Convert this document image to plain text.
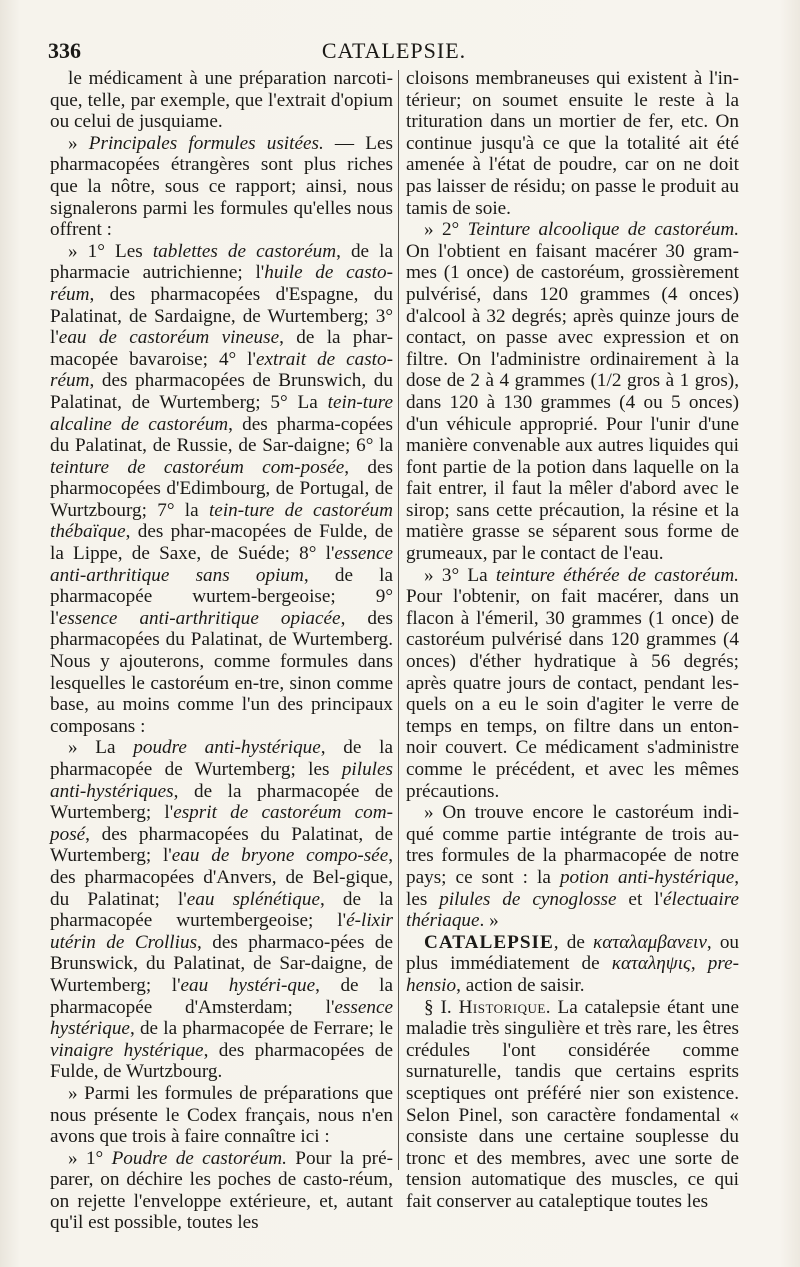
336	CATALEPSIE.

le médicament à une préparation narcoti-que, telle, par exemple, que l'extrait d'opium ou celui de jusquiame.

» Principales formules usitées. — Les pharmacopées étrangères sont plus riches que la nôtre, sous ce rapport; ainsi, nous signalerons parmi les formules qu'elles nous offrent :

» 1° Les tablettes de castoréum, de la pharmacie autrichienne; l'huile de casto-réum, des pharmacopées d'Espagne, du Palatinat, de Sardaigne, de Wurtemberg; 3° l'eau de castoréum vineuse, de la phar-macopée bavaroise; 4° l'extrait de casto-réum, des pharmacopées de Brunswich, du Palatinat, de Wurtemberg; 5° La tein-ture alcaline de castoréum, des pharma-copées du Palatinat, de Russie, de Sar-daigne; 6° la teinture de castoréum com-posée, des pharmocopées d'Edimbourg, de Portugal, de Wurtzbourg; 7° la tein-ture de castoréum thébaïque, des phar-macopées de Fulde, de la Lippe, de Saxe, de Suéde; 8° l'essence anti-arthritique sans opium, de la pharmacopée wurtem-bergeoise; 9° l'essence anti-arthritique opiacée, des pharmacopées du Palatinat, de Wurtemberg. Nous y ajouterons, comme formules dans lesquelles le castoréum en-tre, sinon comme base, au moins comme l'un des principaux composans :

» La poudre anti-hystérique, de la pharmacopée de Wurtemberg; les pilules anti-hystériques, de la pharmacopée de Wurtemberg; l'esprit de castoréum com-posé, des pharmacopées du Palatinat, de Wurtemberg; l'eau de bryone compo-sée, des pharmacopées d'Anvers, de Bel-gique, du Palatinat; l'eau splénétique, de la pharmacopée wurtembergeoise; l'é-lixir utérin de Crollius, des pharmaco-pées de Brunswick, du Palatinat, de Sar-daigne, de Wurtemberg; l'eau hystéri-que, de la pharmacopée d'Amsterdam; l'essence hystérique, de la pharmacopée de Ferrare; le vinaigre hystérique, des pharmacopées de Fulde, de Wurtzbourg.

» Parmi les formules de préparations que nous présente le Codex français, nous n'en avons que trois à faire connaître ici :

» 1° Poudre de castoréum. Pour la pré-parer, on déchire les poches de casto-réum, on rejette l'enveloppe extérieure, et, autant qu'il est possible, toutes les

cloisons membraneuses qui existent à l'in-térieur; on soumet ensuite le reste à la trituration dans un mortier de fer, etc. On continue jusqu'à ce que la totalité ait été amenée à l'état de poudre, car on ne doit pas laisser de résidu; on passe le produit au tamis de soie.

» 2° Teinture alcoolique de castoréum. On l'obtient en faisant macérer 30 gram-mes (1 once) de castoréum, grossièrement pulvérisé, dans 120 grammes (4 onces) d'alcool à 32 degrés; après quinze jours de contact, on passe avec expression et on filtre. On l'administre ordinairement à la dose de 2 à 4 grammes (1/2 gros à 1 gros), dans 120 à 130 grammes (4 ou 5 onces) d'un véhicule approprié. Pour l'unir d'une manière convenable aux autres liquides qui font partie de la potion dans laquelle on la fait entrer, il faut la mêler d'abord avec le sirop; sans cette précaution, la résine et la matière grasse se séparent sous forme de grumeaux, par le contact de l'eau.

» 3° La teinture éthérée de castoréum. Pour l'obtenir, on fait macérer, dans un flacon à l'émeril, 30 grammes (1 once) de castoréum pulvérisé dans 120 grammes (4 onces) d'éther hydratique à 56 degrés; après quatre jours de contact, pendant les-quels on a eu le soin d'agiter le verre de temps en temps, on filtre dans un enton-noir couvert. Ce médicament s'administre comme le précédent, et avec les mêmes précautions.

» On trouve encore le castoréum indi-qué comme partie intégrante de trois au-tres formules de la pharmacopée de notre pays; ce sont : la potion anti-hystérique, les pilules de cynoglosse et l'électuaire thériaque. »

CATALEPSIE, de καταλαμβανειν, ou plus immédiatement de καταληψις, pre-hensio, action de saisir.

§ I. Historique. La catalepsie étant une maladie très singulière et très rare, les êtres crédules l'ont considérée comme surnaturelle, tandis que certains esprits sceptiques ont préféré nier son existence. Selon Pinel, son caractère fondamental « consiste dans une certaine souplesse du tronc et des membres, avec une sorte de tension automatique des muscles, ce qui fait conserver au cataleptique toutes les
